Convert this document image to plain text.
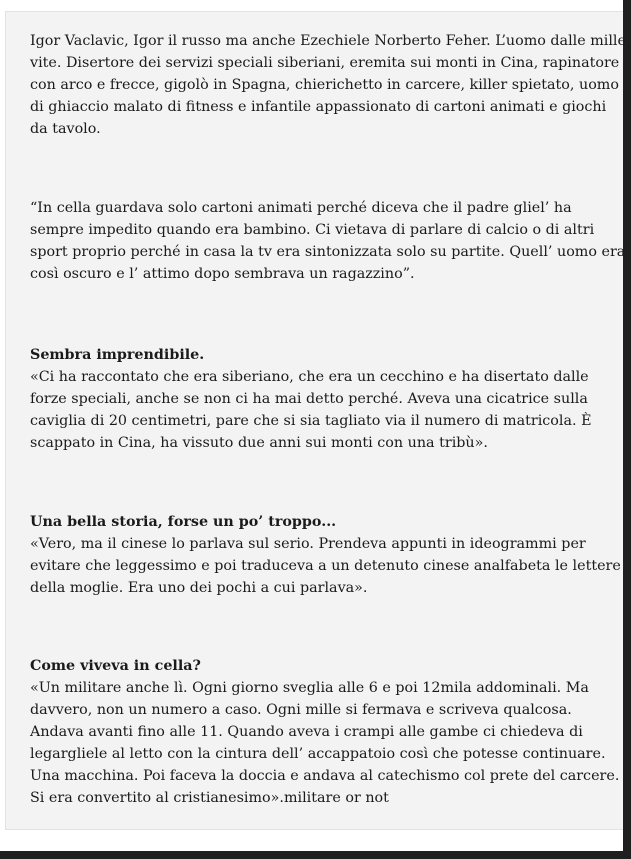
Igor Vaclavic, Igor il russo ma anche Ezechiele Norberto Feher. L’uomo dalle mille vite. Disertore dei servizi speciali siberiani, eremita sui monti in Cina, rapinatore con arco e frecce, gigolò in Spagna, chierichetto in carcere, killer spietato, uomo di ghiaccio malato di fitness e infantile appassionato di cartoni animati e giochi da tavolo.

“In cella guardava solo cartoni animati perché diceva che il padre gliel’ ha sempre impedito quando era bambino. Ci vietava di parlare di calcio o di altri sport proprio perché in casa la tv era sintonizzata solo su partite. Quell’ uomo era così oscuro e l’ attimo dopo sembrava un ragazzino”.

Sembra imprendibile.
«Ci ha raccontato che era siberiano, che era un cecchino e ha disertato dalle forze speciali, anche se non ci ha mai detto perché. Aveva una cicatrice sulla caviglia di 20 centimetri, pare che si sia tagliato via il numero di matricola. È scappato in Cina, ha vissuto due anni sui monti con una tribù».

Una bella storia, forse un po’ troppo...
«Vero, ma il cinese lo parlava sul serio. Prendeva appunti in ideogrammi per evitare che leggessimo e poi traduceva a un detenuto cinese analfabeta le lettere della moglie. Era uno dei pochi a cui parlava».

Come viveva in cella?
«Un militare anche lì. Ogni giorno sveglia alle 6 e poi 12mila addominali. Ma davvero, non un numero a caso. Ogni mille si fermava e scriveva qualcosa. Andava avanti fino alle 11. Quando aveva i crampi alle gambe ci chiedeva di legargliele al letto con la cintura dell’ accappatoio così che potesse continuare. Una macchina. Poi faceva la doccia e andava al catechismo col prete del carcere. Si era convertito al cristianesimo».militare or not
